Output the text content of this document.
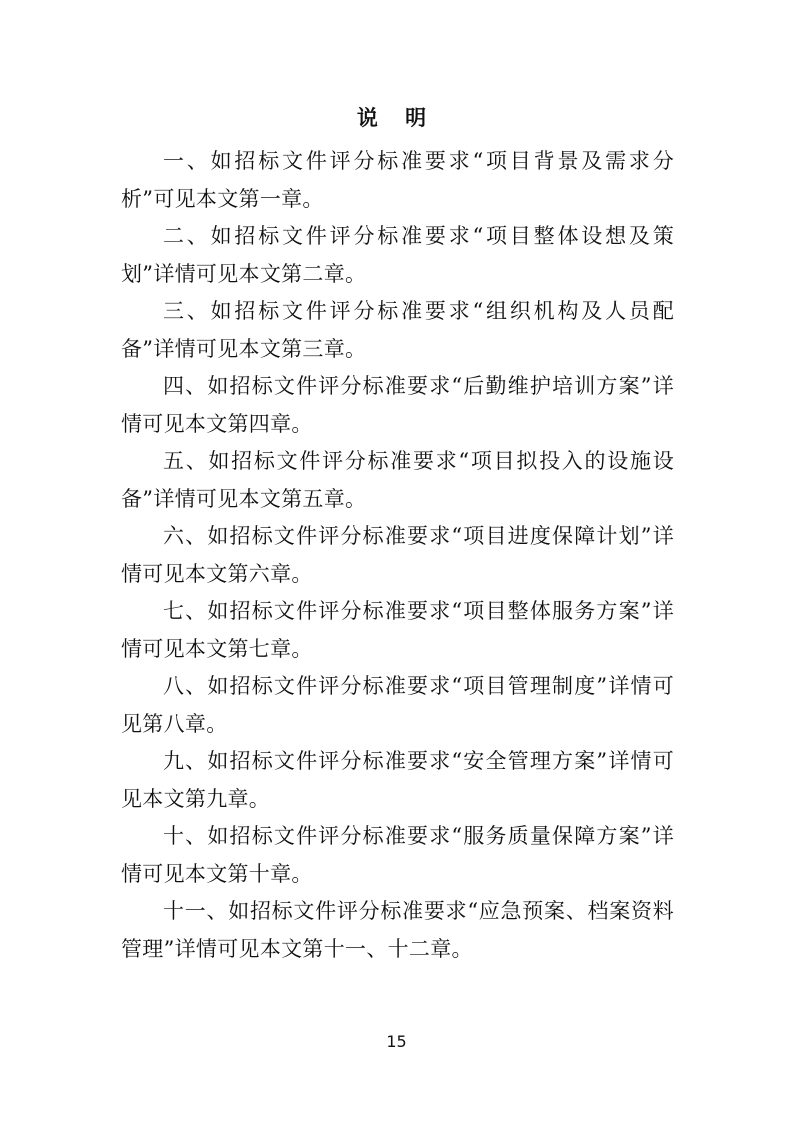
说 明

一、如招标文件评分标准要求“项目背景及需求分析”可见本文第一章。

二、如招标文件评分标准要求“项目整体设想及策划”详情可见本文第二章。

三、如招标文件评分标准要求“组织机构及人员配备”详情可见本文第三章。

四、如招标文件评分标准要求“后勤维护培训方案”详情可见本文第四章。

五、如招标文件评分标准要求“项目拟投入的设施设备”详情可见本文第五章。

六、如招标文件评分标准要求“项目进度保障计划”详情可见本文第六章。

七、如招标文件评分标准要求“项目整体服务方案”详情可见本文第七章。

八、如招标文件评分标准要求“项目管理制度”详情可见第八章。

九、如招标文件评分标准要求“安全管理方案”详情可见本文第九章。

十、如招标文件评分标准要求“服务质量保障方案”详情可见本文第十章。

十一、如招标文件评分标准要求“应急预案、档案资料管理”详情可见本文第十一、十二章。

15
